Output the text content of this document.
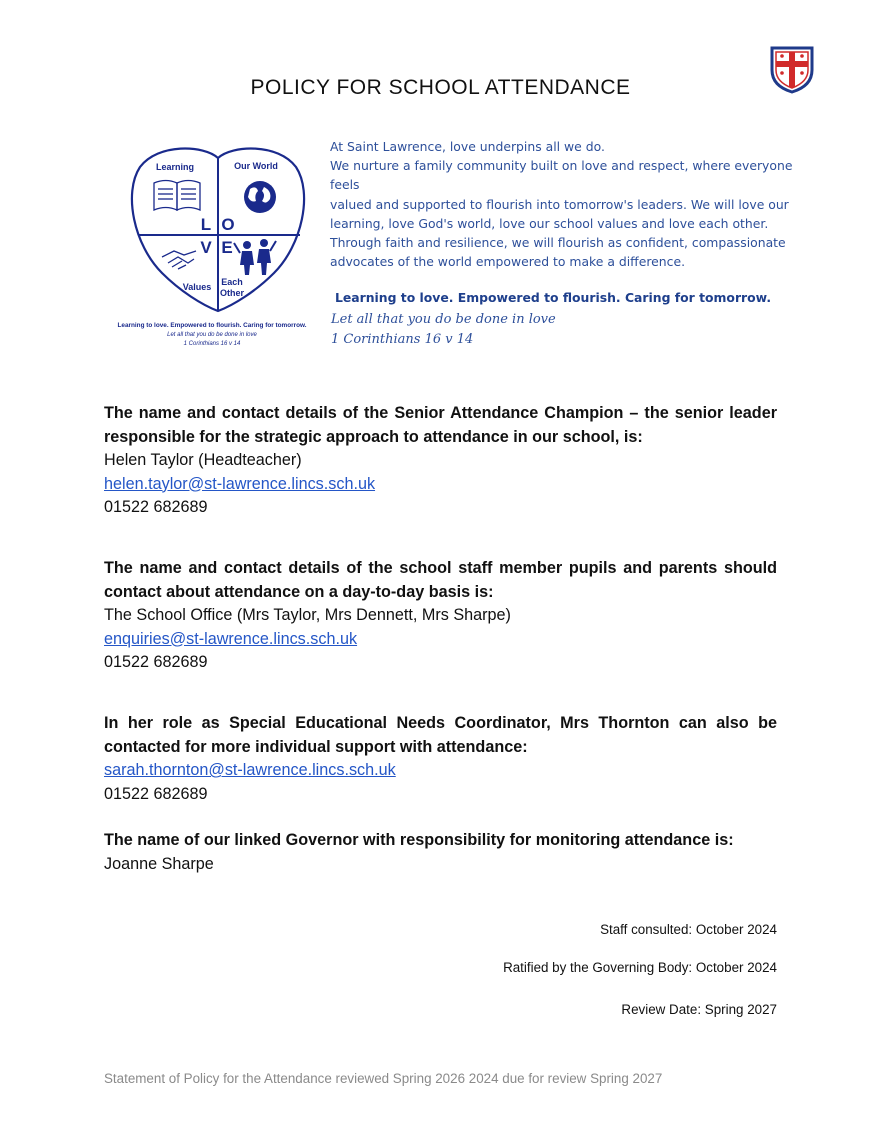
POLICY FOR SCHOOL ATTENDANCE
Learning	Our World
L O
V E
Values Each
Other
Learning to love. Empowered to flourish. Caring for tomorrow.
Let all that you do be done in love
1 Corinthians 16 v 14
At Saint Lawrence, love underpins all we do.
We nurture a family community built on love and respect, where everyone
feels
valued and supported to flourish into tomorrow's leaders. We will love our
learning, love God's world, love our school values and love each other.
Through faith and resilience, we will flourish as confident, compassionate
advocates of the world empowered to make a difference.
Learning to love. Empowered to flourish. Caring for tomorrow.
Let all that you do be done in love
1 Corinthians 16 v 14
The name and contact details of the Senior Attendance Champion – the senior leader responsible for the strategic approach to attendance in our school, is:
Helen Taylor (Headteacher)
helen.taylor@st-lawrence.lincs.sch.uk
01522 682689
The name and contact details of the school staff member pupils and parents should contact about attendance on a day-to-day basis is:
The School Office (Mrs Taylor, Mrs Dennett, Mrs Sharpe)
enquiries@st-lawrence.lincs.sch.uk
01522 682689
In her role as Special Educational Needs Coordinator, Mrs Thornton can also be contacted for more individual support with attendance:
sarah.thornton@st-lawrence.lincs.sch.uk
01522 682689
The name of our linked Governor with responsibility for monitoring attendance is:
Joanne Sharpe
Staff consulted: October 2024
Ratified by the Governing Body: October 2024
Review Date: Spring 2027
Statement of Policy for the Attendance reviewed Spring 2026 2024 due for review Spring 2027
